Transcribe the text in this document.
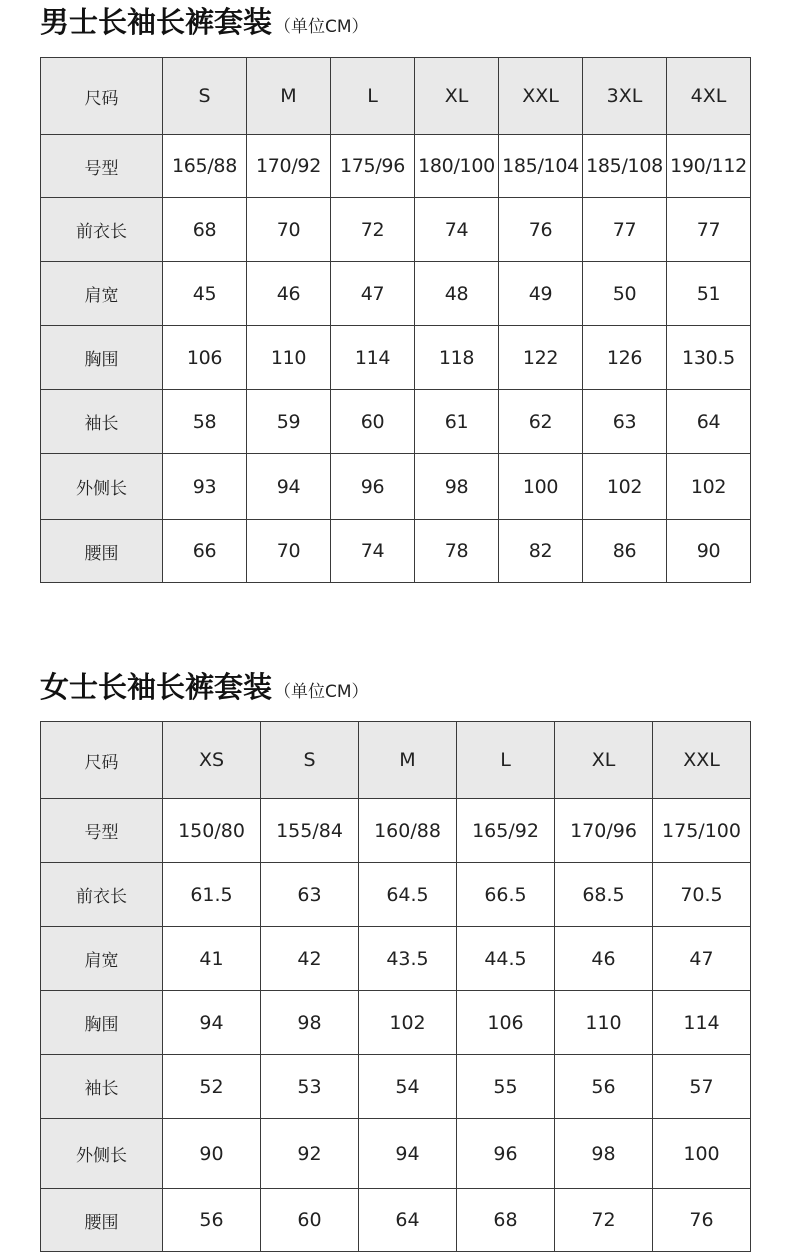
男士长袖长裤套装 （单位CM）
尺码	S	M	L	XL	XXL	3XL	4XL
号型	165/88	170/92	175/96	180/100	185/104	185/108	190/112
前衣长	68	70	72	74	76	77	77
肩宽	45	46	47	48	49	50	51
胸围	106	110	114	118	122	126	130.5
袖长	58	59	60	61	62	63	64
外侧长	93	94	96	98	100	102	102
腰围	66	70	74	78	82	86	90
女士长袖长裤套装 （单位CM）
尺码	XS	S	M	L	XL	XXL
号型	150/80	155/84	160/88	165/92	170/96	175/100
前衣长	61.5	63	64.5	66.5	68.5	70.5
肩宽	41	42	43.5	44.5	46	47
胸围	94	98	102	106	110	114
袖长	52	53	54	55	56	57
外侧长	90	92	94	96	98	100
腰围	56	60	64	68	72	76
